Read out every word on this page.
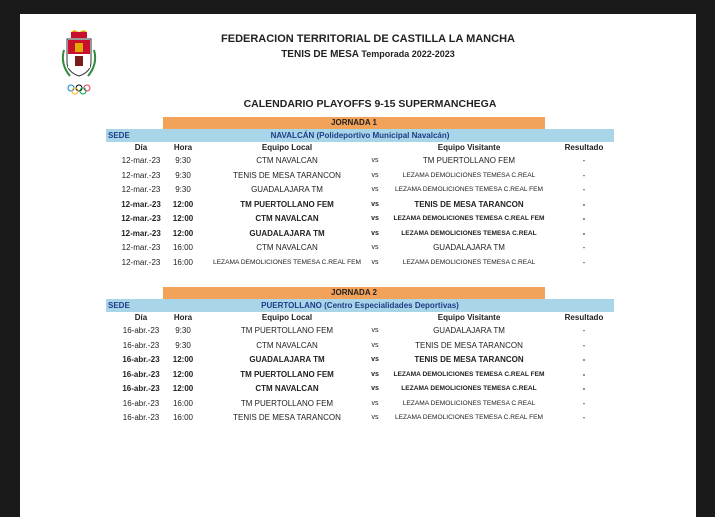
FEDERACION TERRITORIAL DE CASTILLA LA MANCHA
TENIS DE MESA Temporada 2022-2023
CALENDARIO PLAYOFFS 9-15 SUPERMANCHEGA
JORNADA 1
NAVALCÁN (Polideportivo Municipal Navalcán)
SEDE
Día	Hora	Equipo Local	Equipo Visitante	Resultado
12-mar.-23	9:30	CTM NAVALCAN	vs	TM PUERTOLLANO FEM	-
12-mar.-23	9:30	TENIS DE MESA TARANCON	vs	LEZAMA DEMOLICIONES TEMESA C.REAL	-
12-mar.-23	9:30	GUADALAJARA TM	vs	LEZAMA DEMOLICIONES TEMESA C.REAL FEM	-
12-mar.-23	12:00	TM PUERTOLLANO FEM	vs	TENIS DE MESA TARANCON	-
12-mar.-23	12:00	CTM NAVALCAN	vs	LEZAMA DEMOLICIONES TEMESA C.REAL FEM	-
12-mar.-23	12:00	GUADALAJARA TM	vs	LEZAMA DEMOLICIONES TEMESA C.REAL	-
12-mar.-23	16:00	CTM NAVALCAN	vs	GUADALAJARA TM	-
12-mar.-23	16:00	LEZAMA DEMOLICIONES TEMESA C.REAL FEM	vs	LEZAMA DEMOLICIONES TEMESA C.REAL	-
JORNADA 2
PUERTOLLANO (Centro Especialidades Deportivas)
SEDE
Día	Hora	Equipo Local	Equipo Visitante	Resultado
16-abr.-23	9:30	TM PUERTOLLANO FEM	vs	GUADALAJARA TM	-
16-abr.-23	9:30	CTM NAVALCAN	vs	TENIS DE MESA TARANCON	-
16-abr.-23	12:00	GUADALAJARA TM	vs	TENIS DE MESA TARANCON	-
16-abr.-23	12:00	TM PUERTOLLANO FEM	vs	LEZAMA DEMOLICIONES TEMESA C.REAL FEM	-
16-abr.-23	12:00	CTM NAVALCAN	vs	LEZAMA DEMOLICIONES TEMESA C.REAL	-
16-abr.-23	16:00	TM PUERTOLLANO FEM	vs	LEZAMA DEMOLICIONES TEMESA C.REAL	-
16-abr.-23	16:00	TENIS DE MESA TARANCON	vs	LEZAMA DEMOLICIONES TEMESA C.REAL FEM	-
